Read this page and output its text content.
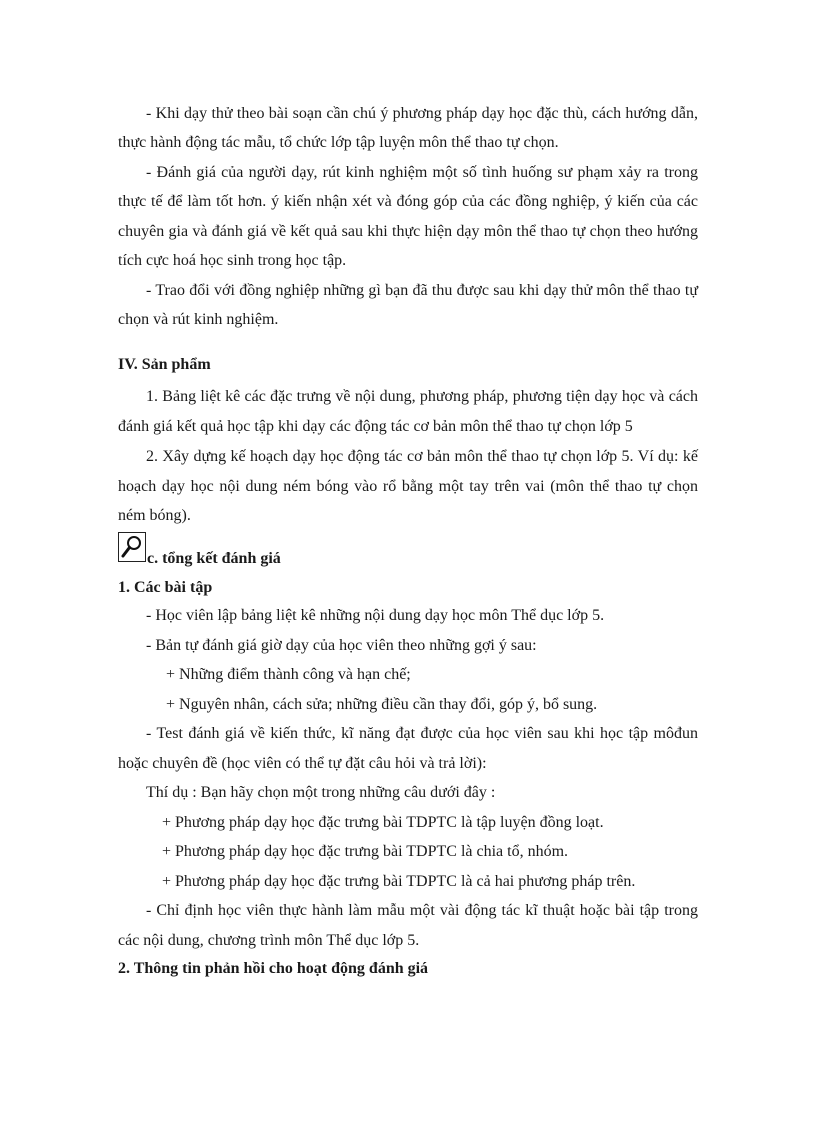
- Khi dạy thử theo bài soạn cần chú ý phương pháp dạy học đặc thù, cách hướng dẫn,
thực hành động tác mẫu, tổ chức lớp tập luyện môn thể thao tự chọn.
- Đánh giá của người dạy, rút kinh nghiệm một số tình huống sư phạm xảy ra trong
thực tế để làm tốt hơn. ý kiến nhận xét và đóng góp của các đồng nghiệp, ý kiến của các
chuyên gia và đánh giá về kết quả sau khi thực hiện dạy môn thể thao tự chọn theo hướng
tích cực hoá học sinh trong học tập.
- Trao đổi với đồng nghiệp những gì bạn đã thu được sau khi dạy thử môn thể thao tự
chọn và rút kinh nghiệm.
IV. Sản phẩm
1. Bảng liệt kê các đặc trưng về nội dung, phương pháp, phương tiện dạy học và cách
đánh giá kết quả học tập khi dạy các động tác cơ bản môn thể thao tự chọn lớp 5
2. Xây dựng kế hoạch dạy học động tác cơ bản môn thể thao tự chọn lớp 5. Ví dụ: kế
hoạch dạy học nội dung ném bóng vào rổ bằng một tay trên vai (môn thể thao tự chọn
ném bóng).
c. tổng kết đánh giá
1. Các bài tập
- Học viên lập bảng liệt kê những nội dung dạy học môn Thể dục lớp 5.
- Bản tự đánh giá giờ dạy của học viên theo những gợi ý sau:
+ Những điểm thành công và hạn chế;
+ Nguyên nhân, cách sửa; những điều cần thay đổi, góp ý, bổ sung.
- Test đánh giá về kiến thức, kĩ năng đạt được của học viên sau khi học tập môđun
hoặc chuyên đề (học viên có thể tự đặt câu hỏi và trả lời):
Thí dụ : Bạn hãy chọn một trong những câu dưới đây :
+ Phương pháp dạy học đặc trưng bài TDPTC là tập luyện đồng loạt.
+ Phương pháp dạy học đặc trưng bài TDPTC là chia tổ, nhóm.
+ Phương pháp dạy học đặc trưng bài TDPTC là cả hai phương pháp trên.
- Chỉ định học viên thực hành làm mẫu một vài động tác kĩ thuật hoặc bài tập trong
các nội dung, chương trình môn Thể dục lớp 5.
2. Thông tin phản hồi cho hoạt động đánh giá
